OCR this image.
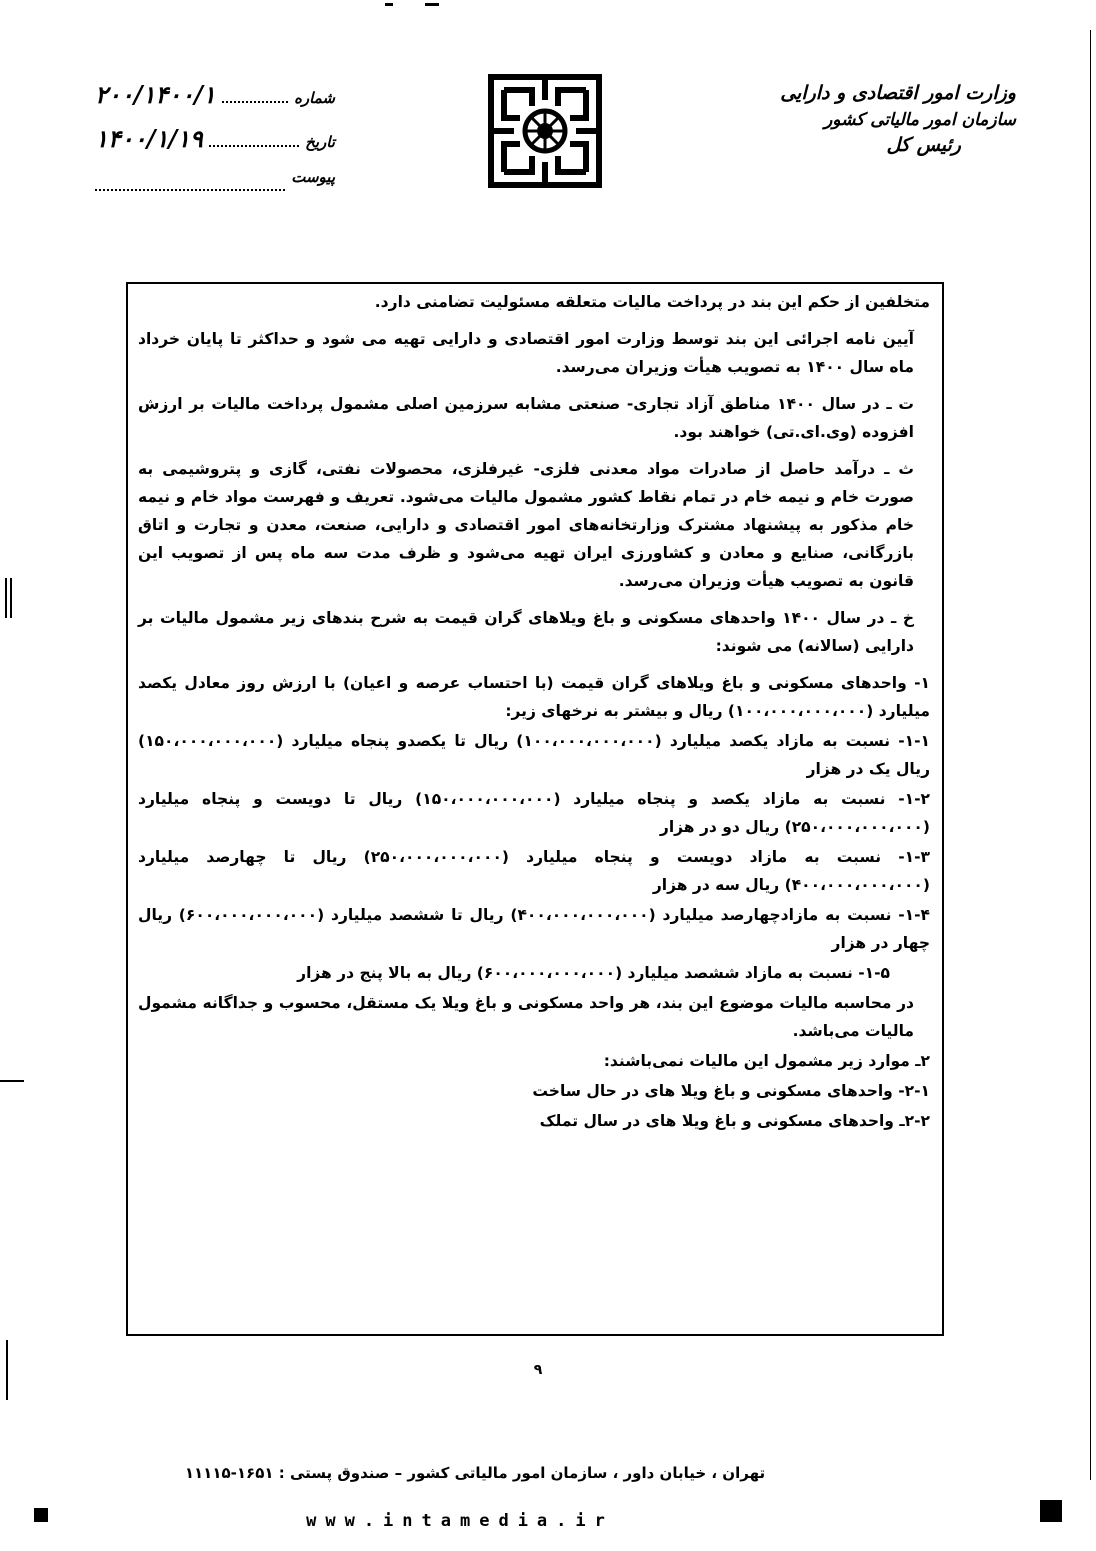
وزارت امور اقتصادی و دارایی
سازمان امور مالیاتی کشور
رئیس کل
شماره
۲۰۰/۱۴۰۰/۱
تاریخ
۱۴۰۰/۱/۱۹
پیوست

متخلفین از حکم این بند در پرداخت مالیات متعلقه مسئولیت تضامنی دارد.

آیین نامه اجرائی این بند توسط وزارت امور اقتصادی و دارایی تهیه می شود و حداکثر تا پایان خرداد ماه سال ۱۴۰۰ به تصویب هیأت وزیران می‌رسد.

ت ـ در سال ۱۴۰۰ مناطق آزاد تجاری- صنعتی مشابه سرزمین اصلی مشمول پرداخت مالیات بر ارزش افزوده (وی.ای.تی) خواهند بود.

ث ـ درآمد حاصل از صادرات مواد معدنی فلزی- غیرفلزی، محصولات نفتی، گازی و پتروشیمی به صورت خام و نیمه خام در تمام نقاط کشور مشمول مالیات می‌شود. تعریف و فهرست مواد خام و نیمه خام مذکور به پیشنهاد مشترک وزارتخانه‌های امور اقتصادی و دارایی، صنعت، معدن و تجارت و اتاق بازرگانی، صنایع و معادن و کشاورزی ایران تهیه می‌شود و ظرف مدت سه ماه پس از تصویب این قانون به تصویب هیأت وزیران می‌رسد.

خ ـ در سال ۱۴۰۰ واحدهای مسکونی و باغ ویلاهای گران قیمت به شرح بندهای زیر مشمول مالیات بر دارایی (سالانه) می شوند:

۱- واحدهای مسکونی و باغ ویلاهای گران قیمت (با احتساب عرصه و اعیان) با ارزش روز معادل یکصد میلیارد (۱۰۰،۰۰۰،۰۰۰،۰۰۰) ریال و بیشتر به نرخهای زیر:

۱-۱- نسبت به مازاد یکصد میلیارد (۱۰۰،۰۰۰،۰۰۰،۰۰۰) ریال تا یکصدو پنجاه میلیارد (۱۵۰،۰۰۰،۰۰۰،۰۰۰) ریال یک در هزار

۱-۲- نسبت به مازاد یکصد و پنجاه میلیارد (۱۵۰،۰۰۰،۰۰۰،۰۰۰) ریال تا دویست و پنجاه میلیارد (۲۵۰،۰۰۰،۰۰۰،۰۰۰) ریال دو در هزار

۱-۳- نسبت به مازاد دویست و پنجاه میلیارد (۲۵۰،۰۰۰،۰۰۰،۰۰۰) ریال تا چهارصد میلیارد (۴۰۰،۰۰۰،۰۰۰،۰۰۰) ریال سه در هزار

۱-۴- نسبت به مازادچهارصد میلیارد (۴۰۰،۰۰۰،۰۰۰،۰۰۰) ریال تا ششصد میلیارد (۶۰۰،۰۰۰،۰۰۰،۰۰۰) ریال چهار در هزار

۱-۵- نسبت به مازاد ششصد میلیارد (۶۰۰،۰۰۰،۰۰۰،۰۰۰) ریال به بالا پنج در هزار

در محاسبه مالیات موضوع این بند، هر واحد مسکونی و باغ ویلا یک مستقل، محسوب و جداگانه مشمول مالیات می‌باشد.

۲ـ موارد زیر مشمول این مالیات نمی‌باشند:

۲-۱- واحدهای مسکونی و باغ ویلا های در حال ساخت

۲-۲ـ واحدهای مسکونی و باغ ویلا های در سال تملک

۹
تهران ، خیابان داور ، سازمان امور مالیاتی کشور – صندوق پستی : ۱۶۵۱-۱۱۱۱۵
www.intamedia.ir
